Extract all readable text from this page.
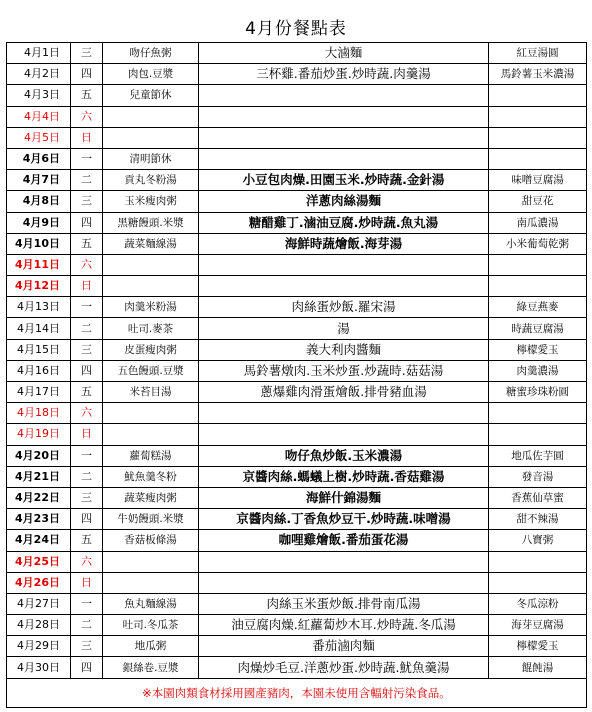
4月份餐點表
4月1日	三	吻仔魚粥	大滷麵	紅豆湯圓
4月2日	四	肉包.豆漿	三杯雞.番茄炒蛋.炒時蔬.肉羹湯	馬鈴薯玉米濃湯
4月3日	五	兒童節休		
4月4日	六			
4月5日	日			
4月6日	一	清明節休		
4月7日	二	貢丸冬粉湯	小豆包肉燥.田園玉米.炒時蔬.金針湯	味噌豆腐湯
4月8日	三	玉米瘦肉粥	洋蔥肉絲湯麵	甜豆花
4月9日	四	黑糖饅頭.米漿	糖醋雞丁.滷油豆腐.炒時蔬.魚丸湯	南瓜濃湯
4月10日	五	蔬菜麵線湯	海鮮時蔬燴飯.海芽湯	小米葡萄乾粥
4月11日	六			
4月12日	日			
4月13日	一	肉羹米粉湯	肉絲蛋炒飯.羅宋湯	綠豆燕麥
4月14日	二	吐司.麥茶	湯	時蔬豆腐湯
4月15日	三	皮蛋瘦肉粥	義大利肉醬麵	檸檬愛玉
4月16日	四	五色饅頭.豆漿	馬鈴薯燉肉.玉米炒蛋.炒蔬時.菇菇湯	肉羹濃湯
4月17日	五	米苔目湯	蔥爆雞肉滑蛋燴飯.排骨豬血湯	糖蜜珍珠粉圓
4月18日	六			
4月19日	日			
4月20日	一	蘿蔔糕湯	吻仔魚炒飯.玉米濃湯	地瓜佐芋圓
4月21日	二	魷魚羹冬粉	京醬肉絲.螞蟻上樹.炒時蔬.香菇雞湯	發音湯
4月22日	三	蔬菜瘦肉粥	海鮮什錦湯麵	香蕉仙草蜜
4月23日	四	牛奶饅頭.米漿	京醬肉絲.丁香魚炒豆干.炒時蔬.味噌湯	甜不辣湯
4月24日	五	香菇板條湯	咖哩雞燴飯.番茄蛋花湯	八寶粥
4月25日	六			
4月26日	日			
4月27日	一	魚丸麵線湯	肉絲玉米蛋炒飯.排骨南瓜湯	冬瓜涼粉
4月28日	二	吐司.冬瓜茶	油豆腐肉燥.紅蘿蔔炒木耳.炒時蔬.冬瓜湯	海芽豆腐湯
4月29日	三	地瓜粥	番茄滷肉麵	檸檬愛玉
4月30日	四	銀絲卷.豆漿	肉燥炒毛豆.洋蔥炒蛋.炒時蔬.魷魚羹湯	餛飩湯
※本園肉類食材採用國產豬肉，本園未使用含輻射污染食品。				
